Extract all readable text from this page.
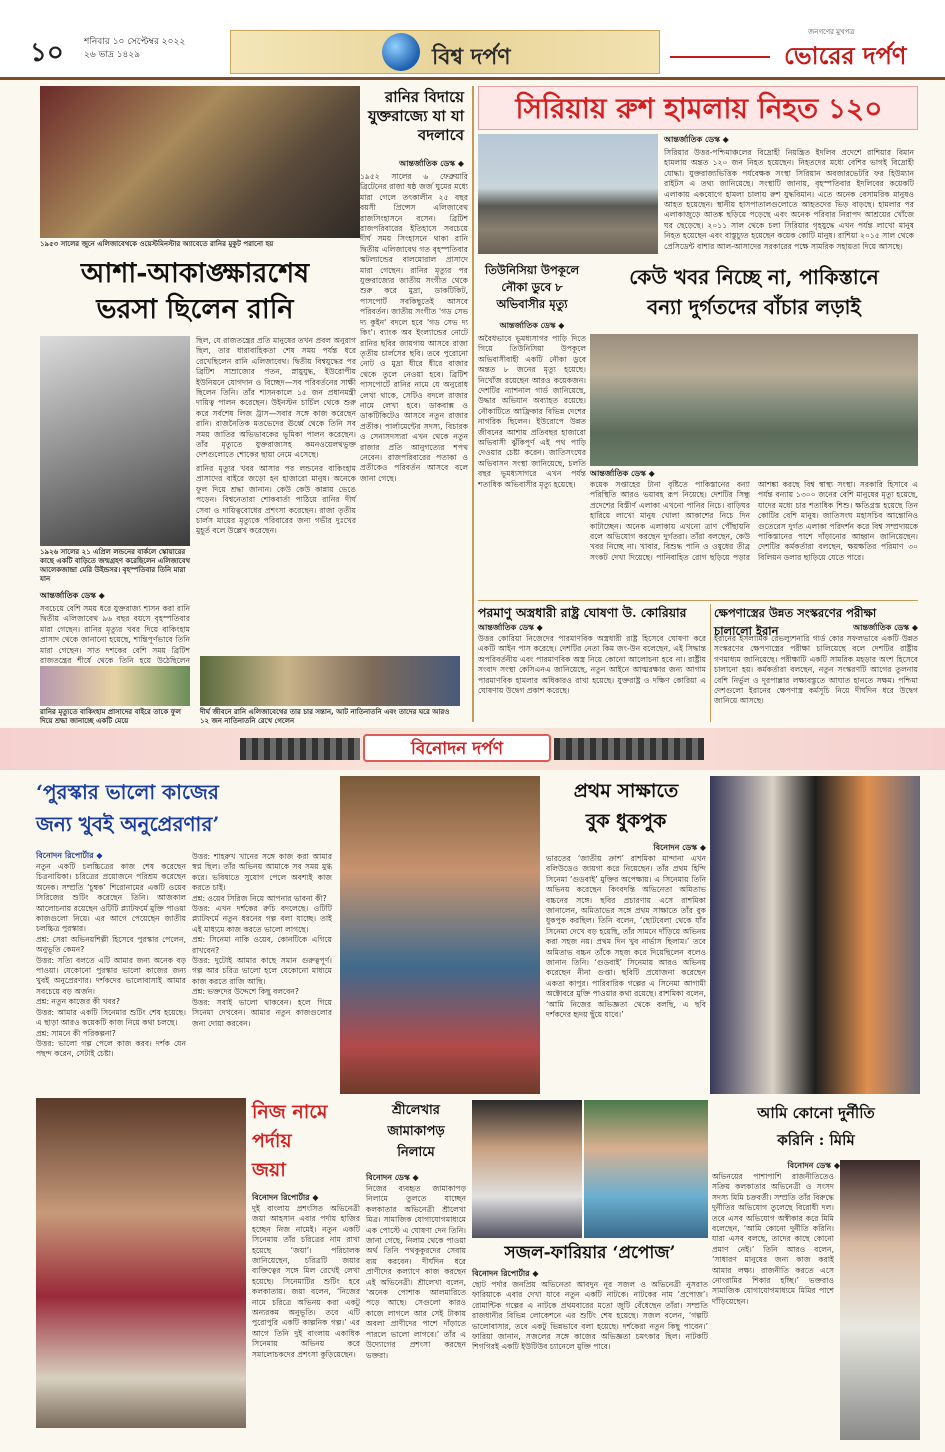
১০ শনিবার ১০ সেপ্টেম্বর ২০২২
২৬ ভাদ্র ১৪২৯	বিশ্ব দর্পণ
জনগণের মুখপত্র
ভোরের দর্পণ
১৯৫৩ সালের জুনে এলিজাবেথকে ওয়েস্টমিনস্টার অ্যাবেতে রানির মুকুট পরানো হয়
রানির বিদায়ে
যুক্তরাজ্যে যা যা
বদলাবে
আন্তর্জাতিক ডেস্ক ◆
১৯৫২ সালের ৬ ফেব্রুয়ারি ব্রিটেনের রাজা ষষ্ঠ জর্জ ঘুমের মধ্যে মারা গেলে তৎকালীন ২৫ বছর বয়সী প্রিন্সেস এলিজাবেথ রাজসিংহাসনে বসেন। ব্রিটিশ রাজপরিবারের ইতিহাসে সবচেয়ে দীর্ঘ সময় সিংহাসনে থাকা রানি দ্বিতীয় এলিজাবেথ গত বৃহস্পতিবার স্কটল্যান্ডের বালমোরাল প্রাসাদে মারা গেছেন। রানির মৃত্যুর পর যুক্তরাজ্যের জাতীয় সংগীত থেকে শুরু করে মুদ্রা, ডাকটিকিট, পাসপোর্ট সবকিছুতেই আসবে পরিবর্তন। জাতীয় সংগীত 'গড সেভ দ্য কুইন' বদলে হবে 'গড সেভ দ্য কিং'। ব্যাংক অব ইংল্যান্ডের নোটে রানির ছবির জায়গায় আসবে রাজা তৃতীয় চার্লসের ছবি। তবে পুরোনো নোট ও মুদ্রা ধীরে ধীরে বাজার থেকে তুলে নেওয়া হবে। ব্রিটিশ পাসপোর্টে রানির নামে যে অনুরোধ লেখা থাকে, সেটিও বদলে রাজার নামে লেখা হবে। ডাকবাক্স ও ডাকটিকিটেও আসবে নতুন রাজার প্রতীক। পার্লামেন্টের সদস্য, বিচারক ও সেনাসদস্যরা এখন থেকে নতুন রাজার প্রতি আনুগত্যের শপথ নেবেন। রাজপরিবারের পতাকা ও প্রতীকেও পরিবর্তন আসবে বলে জানা গেছে।
আশা-আকাঙ্ক্ষারশেষ
ভরসা ছিলেন রানি
১৯২৬ সালের ২১ এপ্রিল লন্ডনের বার্কলে স্কোয়ারের কাছে একটি বাড়িতে জন্মগ্রহণ করেছিলেন এলিজাবেথ আলেকজান্দ্রা মেরি উইন্ডসর। বৃহস্পতিবার তিনি মারা যান
আন্তর্জাতিক ডেস্ক ◆
সবচেয়ে বেশি সময় ধরে যুক্তরাজ্য শাসন করা রানি দ্বিতীয় এলিজাবেথ ৯৬ বছর বয়সে বৃহস্পতিবার মারা গেছেন। রানির মৃত্যুর খবর দিয়ে বাকিংহাম প্রাসাদ থেকে জানানো হয়েছে, শান্তিপূর্ণভাবে তিনি মারা গেছেন। সাত দশকের বেশি সময় ব্রিটিশ রাজতন্ত্রের শীর্ষে থেকে তিনি হয়ে উঠেছিলেন
ছিল, যে রাজতন্ত্রের প্রতি মানুষের তখন প্রবল অনুরাগ ছিল, তার ধারাবাহিকতা শেষ সময় পর্যন্ত ধরে রেখেছিলেন রানি এলিজাবেথ। দ্বিতীয় বিশ্বযুদ্ধের পর ব্রিটিশ সাম্রাজ্যের পতন, স্নায়ুযুদ্ধ, ইউরোপীয় ইউনিয়নে যোগদান ও বিচ্ছেদ—সব পরিবর্তনের সাক্ষী ছিলেন তিনি। তাঁর শাসনকালে ১৫ জন প্রধানমন্ত্রী দায়িত্ব পালন করেছেন। উইনস্টন চার্চিল থেকে শুরু করে সর্বশেষ লিজ ট্রাস—সবার সঙ্গে কাজ করেছেন রানি। রাজনৈতিক মতভেদের ঊর্ধ্বে থেকে তিনি সব সময় জাতির অভিভাবকের ভূমিকা পালন করেছেন। তাঁর মৃত্যুতে যুক্তরাজ্যসহ কমনওয়েলথভুক্ত দেশগুলোতে শোকের ছায়া নেমে এসেছে।
রানির মৃত্যুর খবর আসার পর লন্ডনের বাকিংহাম প্রাসাদের বাইরে জড়ো হন হাজারো মানুষ। অনেকে ফুল দিয়ে শ্রদ্ধা জানান। কেউ কেউ কান্নায় ভেঙে পড়েন। বিশ্বনেতারা শোকবার্তা পাঠিয়ে রানির দীর্ঘ সেবা ও দায়িত্ববোধের প্রশংসা করেছেন। রাজা তৃতীয় চার্লস মায়ের মৃত্যুকে পরিবারের জন্য গভীর দুঃখের মুহূর্ত বলে উল্লেখ করেছেন।
রানির মৃত্যুতে বাকিংহাম প্রাসাদের বাইরে তাকে ফুল দিয়ে শ্রদ্ধা জানাচ্ছে একটি মেয়ে
দীর্ঘ জীবনে রানি এলিজাবেথের তার চার সন্তান, আট নাতিনাতনি এবং তাদের ঘরে আরও ১২ জন নাতিনাতনি রেখে গেলেন
সিরিয়ায় রুশ হামলায় নিহত ১২০
আন্তর্জাতিক ডেস্ক ◆
সিরিয়ার উত্তর-পশ্চিমাঞ্চলের বিদ্রোহী নিয়ন্ত্রিত ইদলিব প্রদেশে রাশিয়ার বিমান হামলায় অন্তত ১২০ জন নিহত হয়েছেন। নিহতদের মধ্যে বেশির ভাগই বিদ্রোহী যোদ্ধা। যুক্তরাজ্যভিত্তিক পর্যবেক্ষক সংস্থা সিরিয়ান অবজারভেটরি ফর হিউম্যান রাইটস এ তথ্য জানিয়েছে। সংস্থাটি জানায়, বৃহস্পতিবার ইদলিবের কয়েকটি এলাকায় একযোগে হামলা চালায় রুশ যুদ্ধবিমান। এতে অনেক বেসামরিক মানুষও আহত হয়েছেন। স্থানীয় হাসপাতালগুলোতে আহতদের ভিড় বাড়ছে। হামলার পর এলাকাজুড়ে আতঙ্ক ছড়িয়ে পড়েছে এবং অনেক পরিবার নিরাপদ আশ্রয়ের খোঁজে ঘর ছেড়েছে। ২০১১ সাল থেকে চলা সিরিয়ার গৃহযুদ্ধে এখন পর্যন্ত লাখো মানুষ নিহত হয়েছেন এবং বাস্তুচ্যুত হয়েছেন কয়েক কোটি মানুষ। রাশিয়া ২০১৫ সাল থেকে প্রেসিডেন্ট বাশার আল-আসাদের সরকারের পক্ষে সামরিক সহায়তা দিয়ে আসছে।
তিউনিসিয়া উপকূলে
নৌকা ডুবে ৮
অভিবাসীর মৃত্যু
আন্তর্জাতিক ডেস্ক ◆
অবৈধভাবে ভূমধ্যসাগর পাড়ি দিতে গিয়ে তিউনিসিয়া উপকূলে অভিবাসীবাহী একটি নৌকা ডুবে অন্তত ৮ জনের মৃত্যু হয়েছে। নিখোঁজ রয়েছেন আরও কয়েকজন। দেশটির ন্যাশনাল গার্ড জানিয়েছে, উদ্ধার অভিযান অব্যাহত রয়েছে। নৌকাটিতে আফ্রিকার বিভিন্ন দেশের নাগরিক ছিলেন। ইউরোপে উন্নত জীবনের আশায় প্রতিবছর হাজারো অভিবাসী ঝুঁকিপূর্ণ এই পথ পাড়ি দেওয়ার চেষ্টা করেন। জাতিসংঘের অভিবাসন সংস্থা জানিয়েছে, চলতি বছর ভূমধ্যসাগরে এখন পর্যন্ত শতাধিক অভিবাসীর মৃত্যু হয়েছে।
কেউ খবর নিচ্ছে না, পাকিস্তানে
বন্যা দুর্গতদের বাঁচার লড়াই
আন্তর্জাতিক ডেস্ক ◆
কয়েক সপ্তাহের টানা বৃষ্টিতে পাকিস্তানের বন্যা পরিস্থিতি আরও ভয়াবহ রূপ নিয়েছে। দেশটির সিন্ধু প্রদেশের বিস্তীর্ণ এলাকা এখনো পানির নিচে। বাড়িঘর হারিয়ে লাখো মানুষ খোলা আকাশের নিচে দিন কাটাচ্ছেন। অনেক এলাকায় এখনো ত্রাণ পৌঁছায়নি বলে অভিযোগ করছেন দুর্গতরা। তাঁরা বলছেন, কেউ খবর নিচ্ছে না। খাবার, বিশুদ্ধ পানি ও ওষুধের তীব্র সংকট দেখা দিয়েছে। পানিবাহিত রোগ ছড়িয়ে পড়ার আশঙ্কা করছে বিশ্ব স্বাস্থ্য সংস্থা। সরকারি হিসাবে এ পর্যন্ত বন্যায় ১৩০০ জনের বেশি মানুষের মৃত্যু হয়েছে, যাদের মধ্যে চার শতাধিক শিশু। ক্ষতিগ্রস্ত হয়েছে তিন কোটির বেশি মানুষ। জাতিসংঘ মহাসচিব আন্তোনিও গুতেরেস দুর্গত এলাকা পরিদর্শন করে বিশ্ব সম্প্রদায়কে পাকিস্তানের পাশে দাঁড়ানোর আহ্বান জানিয়েছেন। দেশটির কর্মকর্তারা বলছেন, ক্ষয়ক্ষতির পরিমাণ ৩০ বিলিয়ন ডলার ছাড়িয়ে যেতে পারে।
পরমাণু অস্ত্রধারী রাষ্ট্র ঘোষণা উ. কোরিয়ার
আন্তর্জাতিক ডেস্ক ◆
উত্তর কোরিয়া নিজেদের পারমাণবিক অস্ত্রধারী রাষ্ট্র হিসেবে ঘোষণা করে একটি আইন পাস করেছে। দেশটির নেতা কিম জং-উন বলেছেন, এই সিদ্ধান্ত অপরিবর্তনীয় এবং পারমাণবিক অস্ত্র নিয়ে কোনো আলোচনা হবে না। রাষ্ট্রীয় সংবাদ সংস্থা কেসিএনএ জানিয়েছে, নতুন আইনে আত্মরক্ষার জন্য আগাম পারমাণবিক হামলার অধিকারও রাখা হয়েছে। যুক্তরাষ্ট্র ও দক্ষিণ কোরিয়া এ ঘোষণায় উদ্বেগ প্রকাশ করেছে।
ক্ষেপণাস্ত্রের উন্নত সংস্করণের পরীক্ষা চালালো ইরান	আন্তর্জাতিক ডেস্ক ◆
ইরানের ইসলামিক রেভল্যুশনারি গার্ড কোর সফলভাবে একটি উন্নত সংস্করণের ক্ষেপণাস্ত্রের পরীক্ষা চালিয়েছে বলে দেশটির রাষ্ট্রীয় গণমাধ্যম জানিয়েছে। পরীক্ষাটি একটি সামরিক মহড়ার অংশ হিসেবে চালানো হয়। কর্মকর্তারা বলছেন, নতুন সংস্করণটি আগের তুলনায় বেশি নির্ভুল ও দূরপাল্লার লক্ষ্যবস্তুতে আঘাত হানতে সক্ষম। পশ্চিমা দেশগুলো ইরানের ক্ষেপণাস্ত্র কর্মসূচি নিয়ে দীর্ঘদিন ধরে উদ্বেগ জানিয়ে আসছে।
বিনোদন দর্পণ
‘পুরস্কার ভালো কাজের
জন্য খুবই অনুপ্রেরণার’
বিনোদন রিপোর্টার ◆
নতুন একটি চলচ্চিত্রের কাজ শেষ করেছেন চিত্রনায়িকা। চরিত্রের প্রয়োজনে পরিশ্রম করেছেন অনেক। সম্প্রতি ‘চুম্বক’ শিরোনামের একটি ওয়েব সিরিজের শুটিং করেছেন তিনি। আজকাল আলোচনায় রয়েছেন ওটিটি প্ল্যাটফর্মে মুক্তি পাওয়া কাজগুলো নিয়ে। এর আগে পেয়েছেন জাতীয় চলচ্চিত্র পুরস্কার।
প্রশ্ন: সেরা অভিনয়শিল্পী হিসেবে পুরস্কার পেলেন, অনুভূতি কেমন?
উত্তর: সত্যি বলতে এটি আমার জন্য অনেক বড় পাওয়া। যেকোনো পুরস্কার ভালো কাজের জন্য খুবই অনুপ্রেরণার। দর্শকদের ভালোবাসাই আমার সবচেয়ে বড় অর্জন।
প্রশ্ন: নতুন কাজের কী খবর?
উত্তর: আমার একটি সিনেমার শুটিং শেষ হয়েছে। এ ছাড়া আরও কয়েকটি কাজ নিয়ে কথা চলছে।
প্রশ্ন: সামনে কী পরিকল্পনা?
উত্তর: ভালো গল্প পেলে কাজ করব। দর্শক যেন পছন্দ করেন, সেটাই চেষ্টা।
উত্তর: শাহরুখ খানের সঙ্গে কাজ করা আমার স্বপ্ন ছিল। তাঁর অভিনয় আমাকে সব সময় মুগ্ধ করে। ভবিষ্যতে সুযোগ পেলে অবশ্যই কাজ করতে চাই।
প্রশ্ন: ওয়েব সিরিজ নিয়ে আপনার ভাবনা কী?
উত্তর: এখন দর্শকের রুচি বদলেছে। ওটিটি প্ল্যাটফর্মে নতুন ধরনের গল্প বলা যাচ্ছে। তাই এই মাধ্যমে কাজ করতে ভালো লাগছে।
প্রশ্ন: সিনেমা নাকি ওয়েব, কোনটিকে এগিয়ে রাখবেন?
উত্তর: দুটোই আমার কাছে সমান গুরুত্বপূর্ণ। গল্প আর চরিত্র ভালো হলে যেকোনো মাধ্যমে কাজ করতে রাজি আছি।
প্রশ্ন: ভক্তদের উদ্দেশে কিছু বলবেন?
উত্তর: সবাই ভালো থাকবেন। হলে গিয়ে সিনেমা দেখবেন। আমার নতুন কাজগুলোর জন্য দোয়া করবেন।
প্রথম সাক্ষাতে
বুক ধুকপুক
বিনোদন ডেস্ক ◆
ভারতের ‘জাতীয় ক্রাশ’ রাশমিকা মান্দানা এখন বলিউডেও জায়গা করে নিয়েছেন। তাঁর প্রথম হিন্দি সিনেমা ‘গুডবাই’ মুক্তির অপেক্ষায়। এ সিনেমায় তিনি অভিনয় করেছেন কিংবদন্তি অভিনেতা অমিতাভ বচ্চনের সঙ্গে। ছবির প্রচারণায় এসে রাশমিকা জানালেন, অমিতাভের সঙ্গে প্রথম সাক্ষাতে তাঁর বুক ধুকপুক করছিল। তিনি বলেন, ‘ছোটবেলা থেকে যাঁর সিনেমা দেখে বড় হয়েছি, তাঁর সামনে দাঁড়িয়ে অভিনয় করা সহজ নয়। প্রথম দিন খুব নার্ভাস ছিলাম।’ তবে অমিতাভ বচ্চন তাঁকে সহজ করে দিয়েছিলেন বলেও জানান তিনি। ‘গুডবাই’ সিনেমায় আরও অভিনয় করেছেন নীনা গুপ্তা। ছবিটি প্রযোজনা করেছেন একতা কাপুর। পারিবারিক গল্পের এ সিনেমা আগামী অক্টোবরে মুক্তি পাওয়ার কথা রয়েছে। রাশমিকা বলেন, ‘আমি নিজের অভিজ্ঞতা থেকে বলছি, এ ছবি দর্শকদের হৃদয় ছুঁয়ে যাবে।’
নিজ নামে
পর্দায়
জয়া
বিনোদন রিপোর্টার ◆
দুই বাংলায় প্রশংসিত অভিনেত্রী জয়া আহসান এবার পর্দায় হাজির হচ্ছেন নিজ নামেই। নতুন একটি সিনেমায় তাঁর চরিত্রের নাম রাখা হয়েছে ‘জয়া’। পরিচালক জানিয়েছেন, চরিত্রটি জয়ার ব্যক্তিত্বের সঙ্গে মিল রেখেই লেখা হয়েছে। সিনেমাটির শুটিং হবে কলকাতায়। জয়া বলেন, ‘নিজের নামে চরিত্রে অভিনয় করা একটু অন্যরকম অনুভূতি। তবে এটি পুরোপুরি একটি কাল্পনিক গল্প।’ এর আগে তিনি দুই বাংলায় একাধিক সিনেমায় অভিনয় করে সমালোচকদের প্রশংসা কুড়িয়েছেন।
শ্রীলেখার
জামাকাপড়
নিলামে
বিনোদন ডেস্ক ◆
নিজের ব্যবহৃত জামাকাপড় নিলামে তুলতে যাচ্ছেন কলকাতার অভিনেত্রী শ্রীলেখা মিত্র। সামাজিক যোগাযোগমাধ্যমে এক পোস্টে এ ঘোষণা দেন তিনি। জানা গেছে, নিলাম থেকে পাওয়া অর্থ তিনি পথকুকুরদের সেবায় ব্যয় করবেন। দীর্ঘদিন ধরে প্রাণীদের কল্যাণে কাজ করছেন এই অভিনেত্রী। শ্রীলেখা বলেন, ‘অনেক পোশাক আলমারিতে পড়ে আছে। সেগুলো কারও কাজে লাগলে আর সেই টাকায় অবলা প্রাণীদের পাশে দাঁড়াতে পারলে ভালো লাগবে।’ তাঁর এ উদ্যোগের প্রশংসা করছেন ভক্তরা।
সজল-ফারিয়ার ‘প্রপোজ’
বিনোদন রিপোর্টার ◆
ছোট পর্দার জনপ্রিয় অভিনেতা আবদুন নূর সজল ও অভিনেত্রী নুসরাত ফারিয়াকে এবার দেখা যাবে নতুন একটি নাটকে। নাটকের নাম ‘প্রপোজ’। রোমান্টিক গল্পের এ নাটকে প্রথমবারের মতো জুটি বেঁধেছেন তাঁরা। সম্প্রতি রাজধানীর বিভিন্ন লোকেশনে এর শুটিং শেষ হয়েছে। সজল বলেন, ‘গল্পটি ভালোবাসার, তবে একটু ভিন্নভাবে বলা হয়েছে। দর্শকেরা নতুন কিছু পাবেন।’ ফারিয়া জানান, সজলের সঙ্গে কাজের অভিজ্ঞতা চমৎকার ছিল। নাটকটি শিগগিরই একটি ইউটিউব চ্যানেলে মুক্তি পাবে।
আমি কোনো দুর্নীতি
করিনি : মিমি
বিনোদন ডেস্ক ◆
অভিনয়ের পাশাপাশি রাজনীতিতেও সক্রিয় কলকাতার অভিনেত্রী ও সংসদ সদস্য মিমি চক্রবর্তী। সম্প্রতি তাঁর বিরুদ্ধে দুর্নীতির অভিযোগ তুলেছে বিরোধী দল। তবে এসব অভিযোগ অস্বীকার করে মিমি বলেছেন, ‘আমি কোনো দুর্নীতি করিনি। যারা এসব বলছে, তাদের কাছে কোনো প্রমাণ নেই।’ তিনি আরও বলেন, ‘সাধারণ মানুষের জন্য কাজ করাই আমার লক্ষ্য। রাজনীতি করতে এসে নোংরামির শিকার হচ্ছি।’ ভক্তরাও সামাজিক যোগাযোগমাধ্যমে মিমির পাশে দাঁড়িয়েছেন।
